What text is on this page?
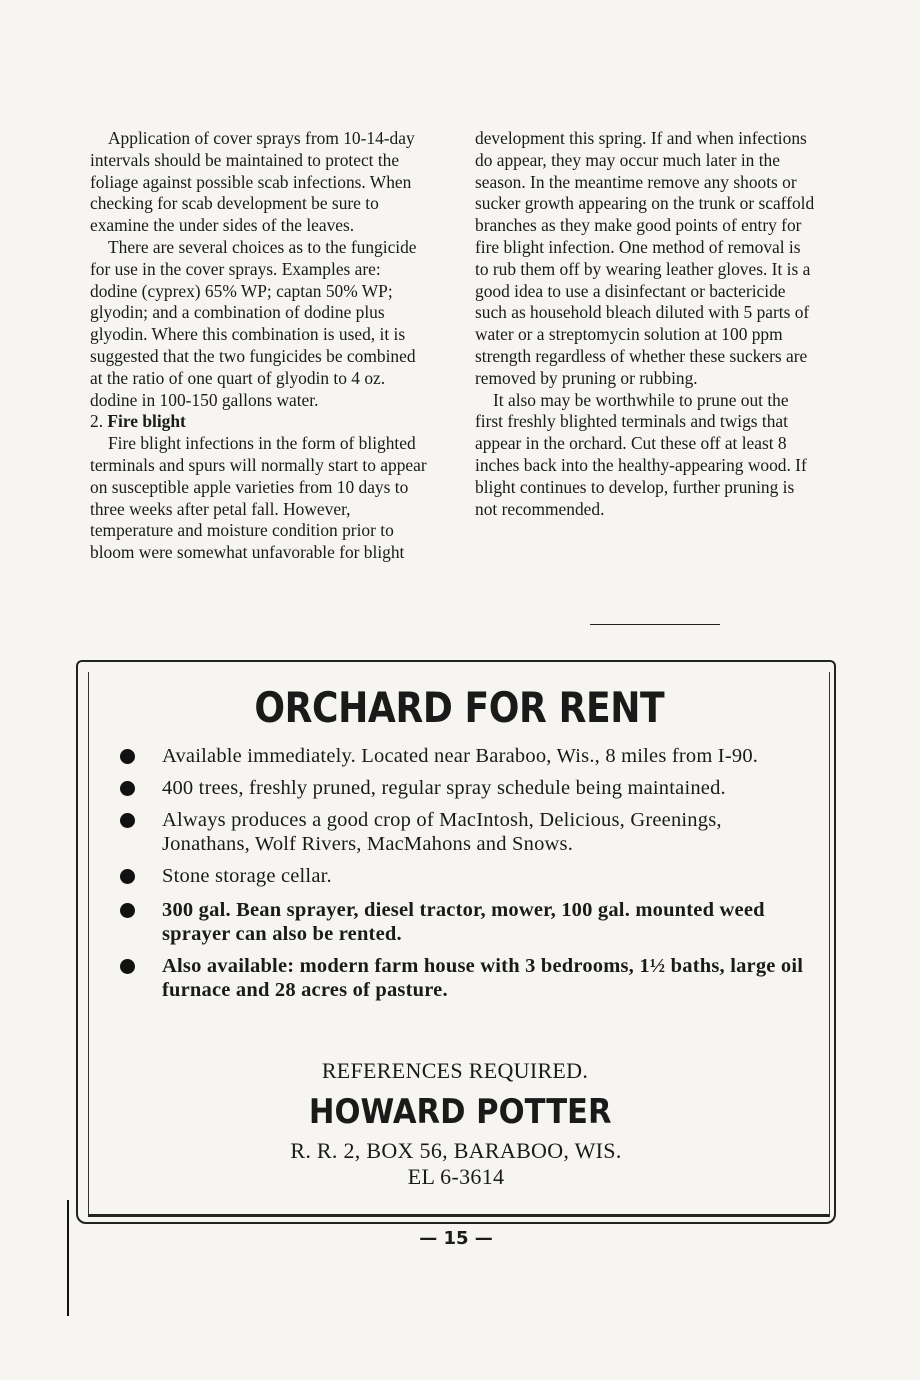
Application of cover sprays from 10-14-day intervals should be maintained to protect the foliage against possible scab infections. When checking for scab development be sure to examine the under sides of the leaves.

There are several choices as to the fungicide for use in the cover sprays. Examples are: dodine (cyprex) 65% WP; captan 50% WP; glyodin; and a combination of dodine plus glyodin. Where this combination is used, it is suggested that the two fungicides be combined at the ratio of one quart of glyodin to 4 oz. dodine in 100-150 gallons water.

2. Fire blight

Fire blight infections in the form of blighted terminals and spurs will normally start to appear on susceptible apple varieties from 10 days to three weeks after petal fall. However, temperature and moisture condition prior to bloom were somewhat unfavorable for blight

development this spring. If and when infections do appear, they may occur much later in the season. In the meantime remove any shoots or sucker growth appearing on the trunk or scaffold branches as they make good points of entry for fire blight infection. One method of removal is to rub them off by wearing leather gloves. It is a good idea to use a disinfectant or bactericide such as household bleach diluted with 5 parts of water or a streptomycin solution at 100 ppm strength regardless of whether these suckers are removed by pruning or rubbing.

It also may be worthwhile to prune out the first freshly blighted terminals and twigs that appear in the orchard. Cut these off at least 8 inches back into the healthy-appearing wood. If blight continues to develop, further pruning is not recommended.

ORCHARD FOR RENT
Available immediately. Located near Baraboo, Wis., 8 miles from I-90.
400 trees, freshly pruned, regular spray schedule being maintained.
Always produces a good crop of MacIntosh, Delicious, Greenings, Jonathans, Wolf Rivers, MacMahons and Snows.
Stone storage cellar.
300 gal. Bean sprayer, diesel tractor, mower, 100 gal. mounted weed sprayer can also be rented.
Also available: modern farm house with 3 bedrooms, 1½ baths, large oil furnace and 28 acres of pasture.
REFERENCES REQUIRED.
HOWARD POTTER
R. R. 2, BOX 56, BARABOO, WIS.
EL 6-3614
— 15 —
